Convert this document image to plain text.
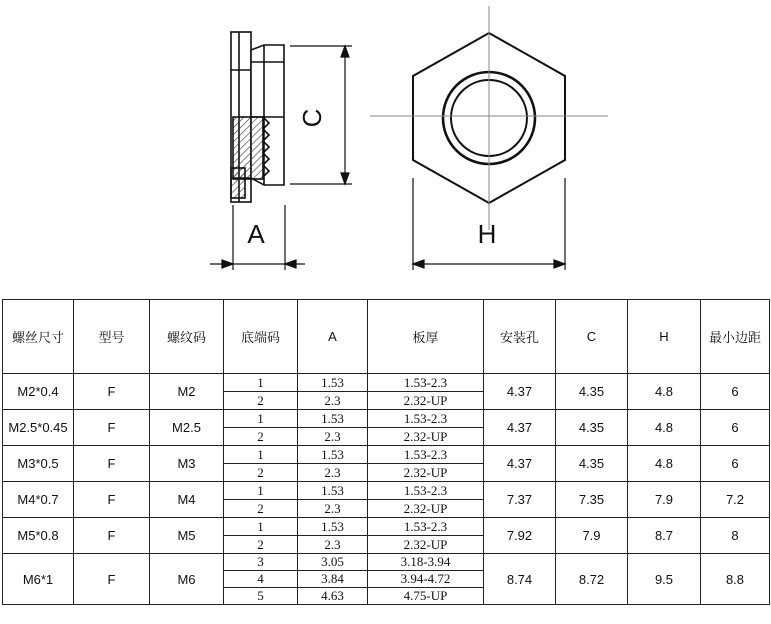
C
A	H
螺丝尺寸	型号	螺纹码	底端码	A	板厚	安装孔	C	H	最小边距
M2*0.4	F	M2	1	1.53	1.53-2.3	4.37	4.35	4.8	6
			2	2.3	2.32-UP				
M2.5*0.45	F	M2.5	1	1.53	1.53-2.3	4.37	4.35	4.8	6
			2	2.3	2.32-UP				
M3*0.5	F	M3	1	1.53	1.53-2.3	4.37	4.35	4.8	6
			2	2.3	2.32-UP				
M4*0.7	F	M4	1	1.53	1.53-2.3	7.37	7.35	7.9	7.2
			2	2.3	2.32-UP				
M5*0.8	F	M5	1	1.53	1.53-2.3	7.92	7.9	8.7	8
			2	2.3	2.32-UP				
M6*1	F	M6	3	3.05	3.18-3.94	8.74	8.72	9.5	8.8
			4	3.84	3.94-4.72				
			5	4.63	4.75-UP				
